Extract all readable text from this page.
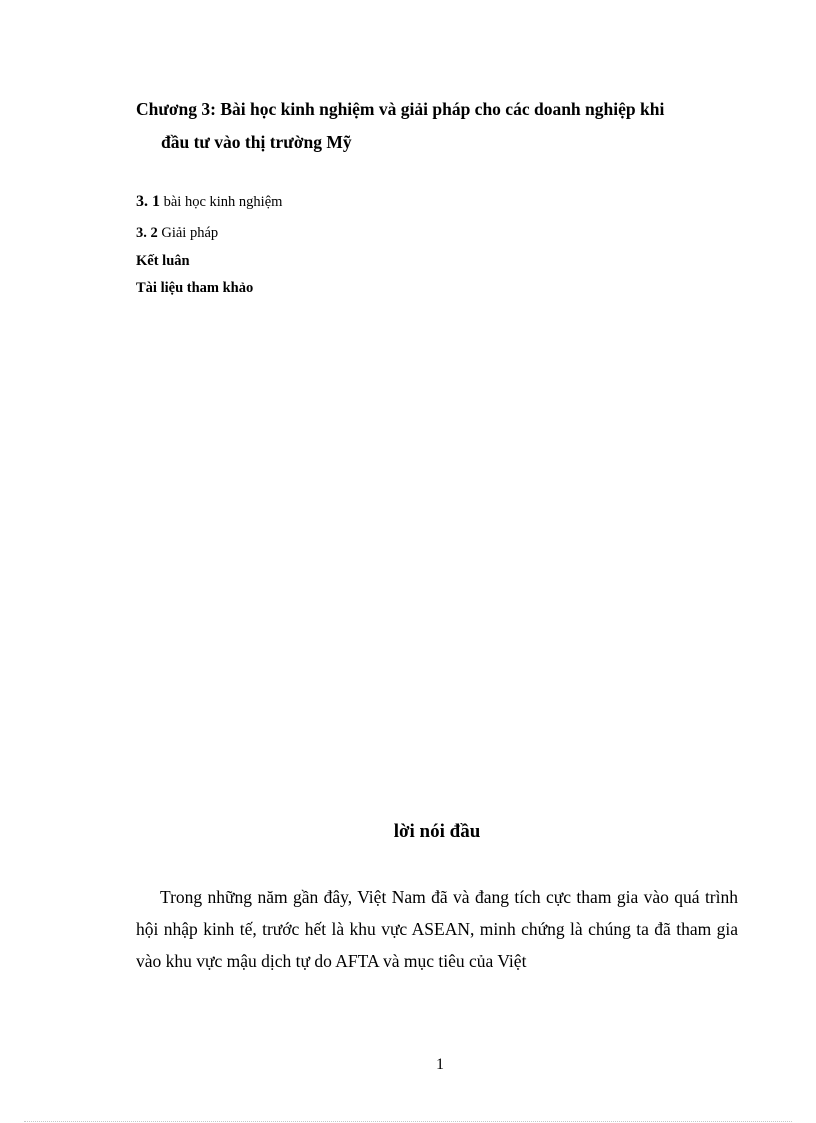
Chương 3: Bài học kinh nghiệm và giải pháp cho các doanh nghiệp khi
đầu tư vào thị trường Mỹ

3. 1 bài học kinh nghiệm

3. 2 Giải pháp

Kết luân

Tài liệu tham khảo

lời nói đầu

Trong những năm gần đây, Việt Nam đã và đang tích cực tham gia vào quá trình hội nhập kinh tế, trước hết là khu vực ASEAN, minh chứng là chúng ta đã tham gia vào khu vực mậu dịch tự do AFTA và mục tiêu của Việt

1
